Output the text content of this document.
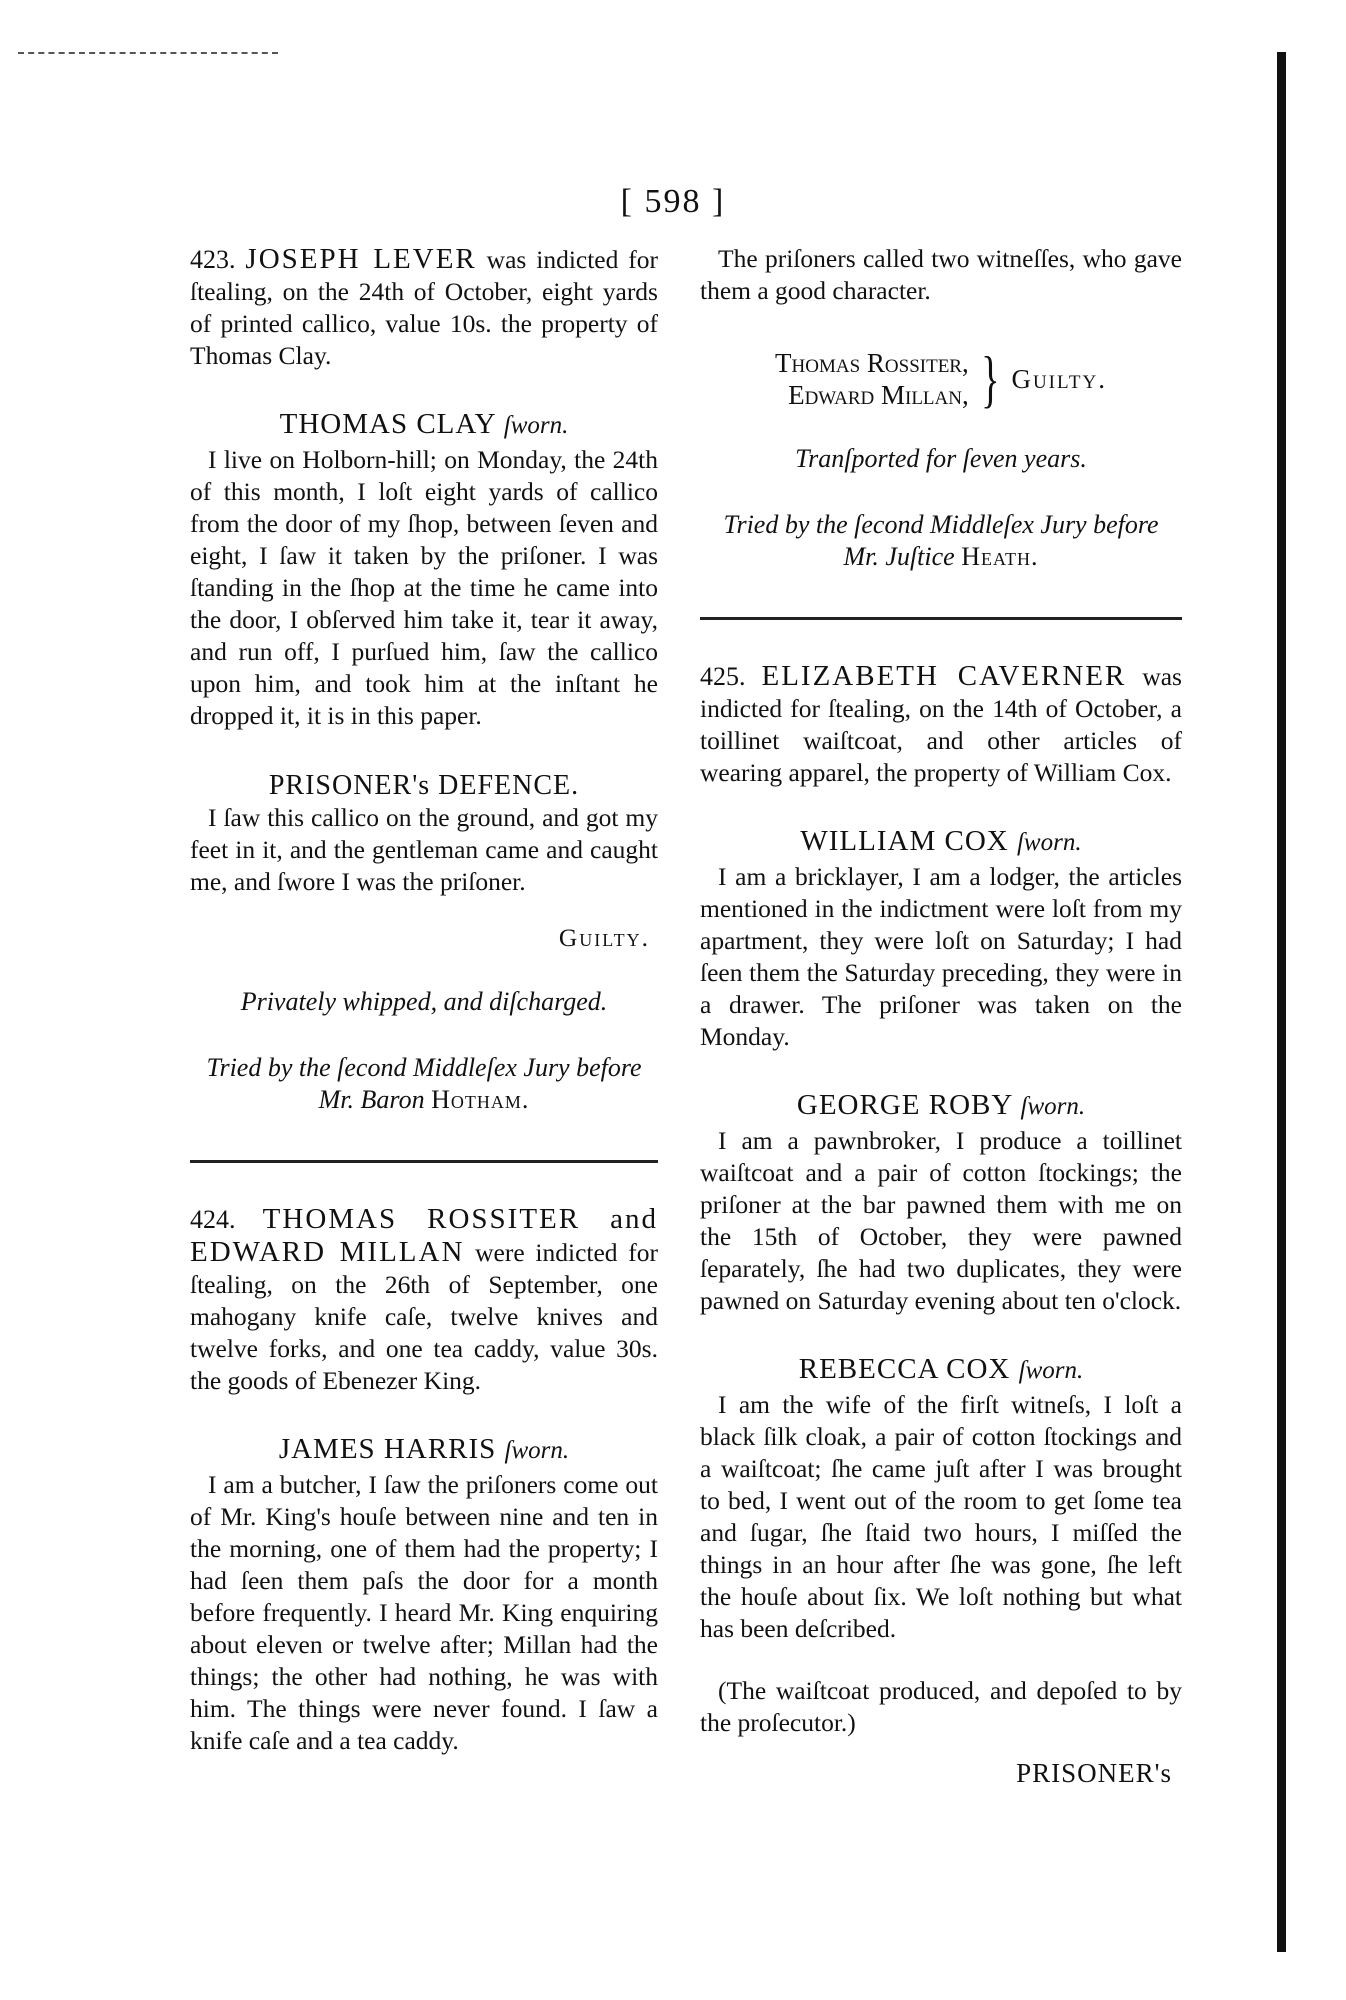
[ 598 ]

423. JOSEPH LEVER was indicted for ſtealing, on the 24th of October, eight yards of printed callico, value 10s. the property of Thomas Clay.

THOMAS CLAY ſworn.

I live on Holborn-hill; on Monday, the 24th of this month, I loſt eight yards of callico from the door of my ſhop, between ſeven and eight, I ſaw it taken by the priſoner. I was ſtanding in the ſhop at the time he came into the door, I obſerved him take it, tear it away, and run off, I purſued him, ſaw the callico upon him, and took him at the inſtant he dropped it, it is in this paper.

PRISONER's DEFENCE.

I ſaw this callico on the ground, and got my feet in it, and the gentleman came and caught me, and ſwore I was the priſoner.

Guilty.
Privately whipped, and diſcharged.
Tried by the ſecond Middleſex Jury before
Mr. Baron Hotham.

424. THOMAS ROSSITER and EDWARD MILLAN were indicted for ſtealing, on the 26th of September, one mahogany knife caſe, twelve knives and twelve forks, and one tea caddy, value 30s. the goods of Ebenezer King.

JAMES HARRIS ſworn.

I am a butcher, I ſaw the priſoners come out of Mr. King's houſe between nine and ten in the morning, one of them had the property; I had ſeen them paſs the door for a month before frequently. I heard Mr. King enquiring about eleven or twelve after; Millan had the things; the other had nothing, he was with him. The things were never found. I ſaw a knife caſe and a tea caddy.

The priſoners called two witneſſes, who gave them a good character.

Thomas Rossiter,
Edward Millan, } Guilty.
Tranſported for ſeven years.
Tried by the ſecond Middleſex Jury before
Mr. Juſtice Heath.

425. ELIZABETH CAVERNER was indicted for ſtealing, on the 14th of October, a toillinet waiſtcoat, and other articles of wearing apparel, the property of William Cox.

WILLIAM COX ſworn.

I am a bricklayer, I am a lodger, the articles mentioned in the indictment were loſt from my apartment, they were loſt on Saturday; I had ſeen them the Saturday preceding, they were in a drawer. The priſoner was taken on the Monday.

GEORGE ROBY ſworn.

I am a pawnbroker, I produce a toillinet waiſtcoat and a pair of cotton ſtockings; the priſoner at the bar pawned them with me on the 15th of October, they were pawned ſeparately, ſhe had two duplicates, they were pawned on Saturday evening about ten o'clock.

REBECCA COX ſworn.

I am the wife of the firſt witneſs, I loſt a black ſilk cloak, a pair of cotton ſtockings and a waiſtcoat; ſhe came juſt after I was brought to bed, I went out of the room to get ſome tea and ſugar, ſhe ſtaid two hours, I miſſed the things in an hour after ſhe was gone, ſhe left the houſe about ſix. We loſt nothing but what has been deſcribed.

(The waiſtcoat produced, and depoſed to by the proſecutor.)

PRISONER's
